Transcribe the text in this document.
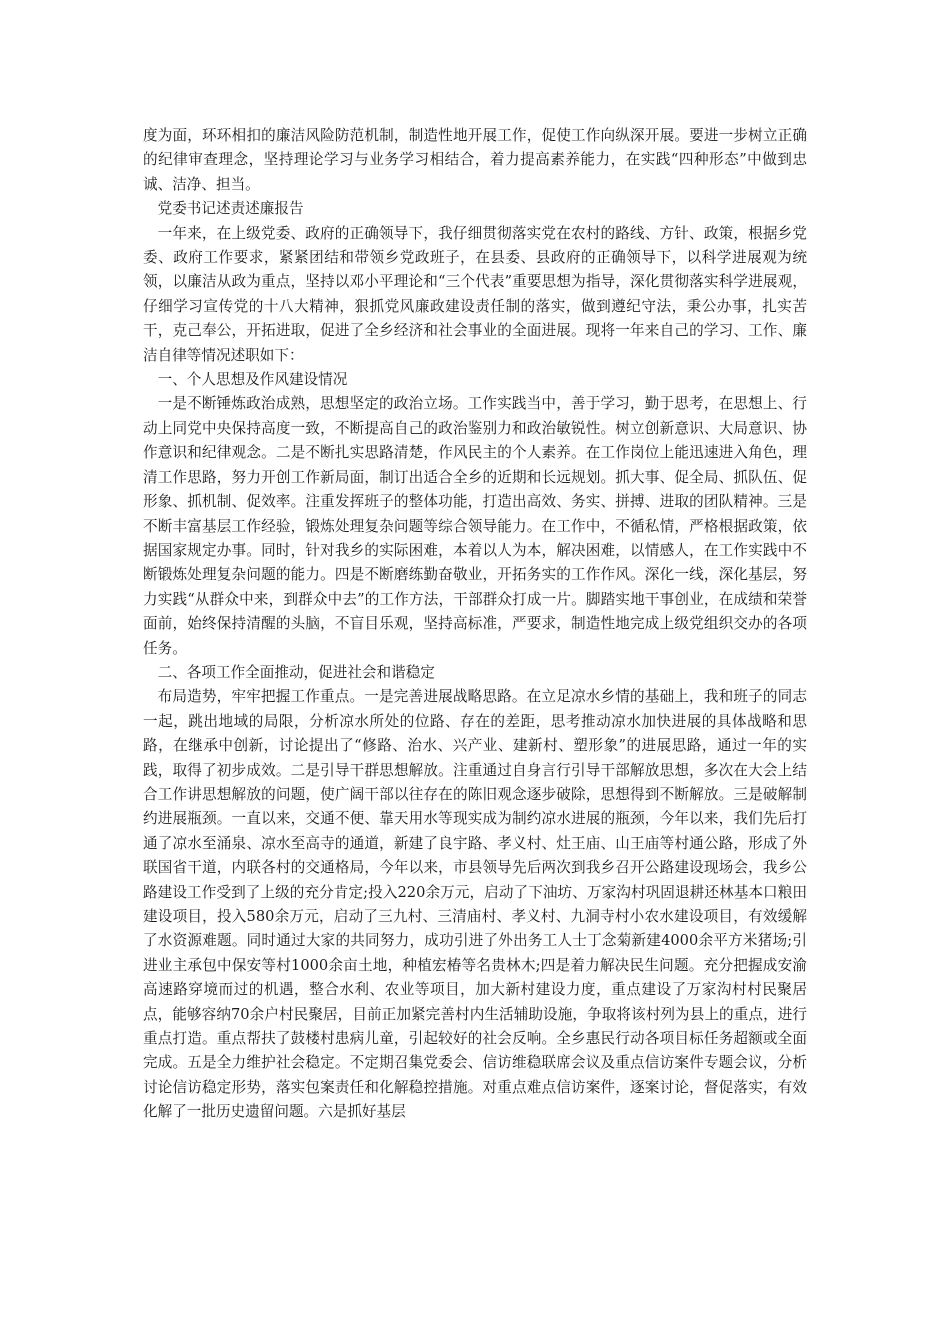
度为面，环环相扣的廉洁风险防范机制，制造性地开展工作，促使工作向纵深开展。要进一步树立正确的纪律审查理念，坚持理论学习与业务学习相结合，着力提高素养能力，在实践“四种形态”中做到忠诚、洁净、担当。

党委书记述责述廉报告

一年来，在上级党委、政府的正确领导下，我仔细贯彻落实党在农村的路线、方针、政策，根据乡党委、政府工作要求，紧紧团结和带领乡党政班子，在县委、县政府的正确领导下，以科学进展观为统领，以廉洁从政为重点，坚持以邓小平理论和“三个代表”重要思想为指导，深化贯彻落实科学进展观，仔细学习宣传党的十八大精神，狠抓党风廉政建设责任制的落实，做到遵纪守法，秉公办事，扎实苦干，克己奉公，开拓进取，促进了全乡经济和社会事业的全面进展。现将一年来自己的学习、工作、廉洁自律等情况述职如下：

一、个人思想及作风建设情况

一是不断锤炼政治成熟，思想坚定的政治立场。工作实践当中，善于学习，勤于思考，在思想上、行动上同党中央保持高度一致，不断提高自己的政治鉴别力和政治敏锐性。树立创新意识、大局意识、协作意识和纪律观念。二是不断扎实思路清楚，作风民主的个人素养。在工作岗位上能迅速进入角色，理清工作思路，努力开创工作新局面，制订出适合全乡的近期和长远规划。抓大事、促全局、抓队伍、促形象、抓机制、促效率。注重发挥班子的整体功能，打造出高效、务实、拼搏、进取的团队精神。三是不断丰富基层工作经验，锻炼处理复杂问题等综合领导能力。在工作中，不循私情，严格根据政策，依据国家规定办事。同时，针对我乡的实际困难，本着以人为本，解决困难，以情感人，在工作实践中不断锻炼处理复杂问题的能力。四是不断磨练勤奋敬业，开拓务实的工作作风。深化一线，深化基层，努力实践“从群众中来，到群众中去”的工作方法，干部群众打成一片。脚踏实地干事创业，在成绩和荣誉面前，始终保持清醒的头脑，不盲目乐观，坚持高标准，严要求，制造性地完成上级党组织交办的各项任务。

二、各项工作全面推动，促进社会和谐稳定

布局造势，牢牢把握工作重点。一是完善进展战略思路。在立足凉水乡情的基础上，我和班子的同志一起，跳出地域的局限，分析凉水所处的位路、存在的差距，思考推动凉水加快进展的具体战略和思路，在继承中创新，讨论提出了“修路、治水、兴产业、建新村、塑形象”的进展思路，通过一年的实践，取得了初步成效。二是引导干群思想解放。注重通过自身言行引导干部解放思想，多次在大会上结合工作讲思想解放的问题，使广阔干部以往存在的陈旧观念逐步破除，思想得到不断解放。三是破解制约进展瓶颈。一直以来，交通不便、靠天用水等现实成为制约凉水进展的瓶颈，今年以来，我们先后打通了凉水至涌泉、凉水至高寺的通道，新建了良宇路、孝义村、灶王庙、山王庙等村通公路，形成了外联国省干道，内联各村的交通格局，今年以来，市县领导先后两次到我乡召开公路建设现场会，我乡公路建设工作受到了上级的充分肯定;投入220余万元，启动了下油坊、万家沟村巩固退耕还林基本口粮田建设项目，投入580余万元，启动了三九村、三清庙村、孝义村、九洞寺村小农水建设项目，有效缓解了水资源难题。同时通过大家的共同努力，成功引进了外出务工人士丁念菊新建4000余平方米猪场;引进业主承包中保安等村1000余亩土地，种植宏椿等名贵林木;四是着力解决民生问题。充分把握成安渝高速路穿境而过的机遇，整合水利、农业等项目，加大新村建设力度，重点建设了万家沟村村民聚居点，能够容纳70余户村民聚居，目前正加紧完善村内生活辅助设施，争取将该村列为县上的重点，进行重点打造。重点帮扶了鼓楼村患病儿童，引起较好的社会反响。全乡惠民行动各项目标任务超额或全面完成。五是全力维护社会稳定。不定期召集党委会、信访维稳联席会议及重点信访案件专题会议，分析讨论信访稳定形势，落实包案责任和化解稳控措施。对重点难点信访案件，逐案讨论，督促落实，有效化解了一批历史遗留问题。六是抓好基层
